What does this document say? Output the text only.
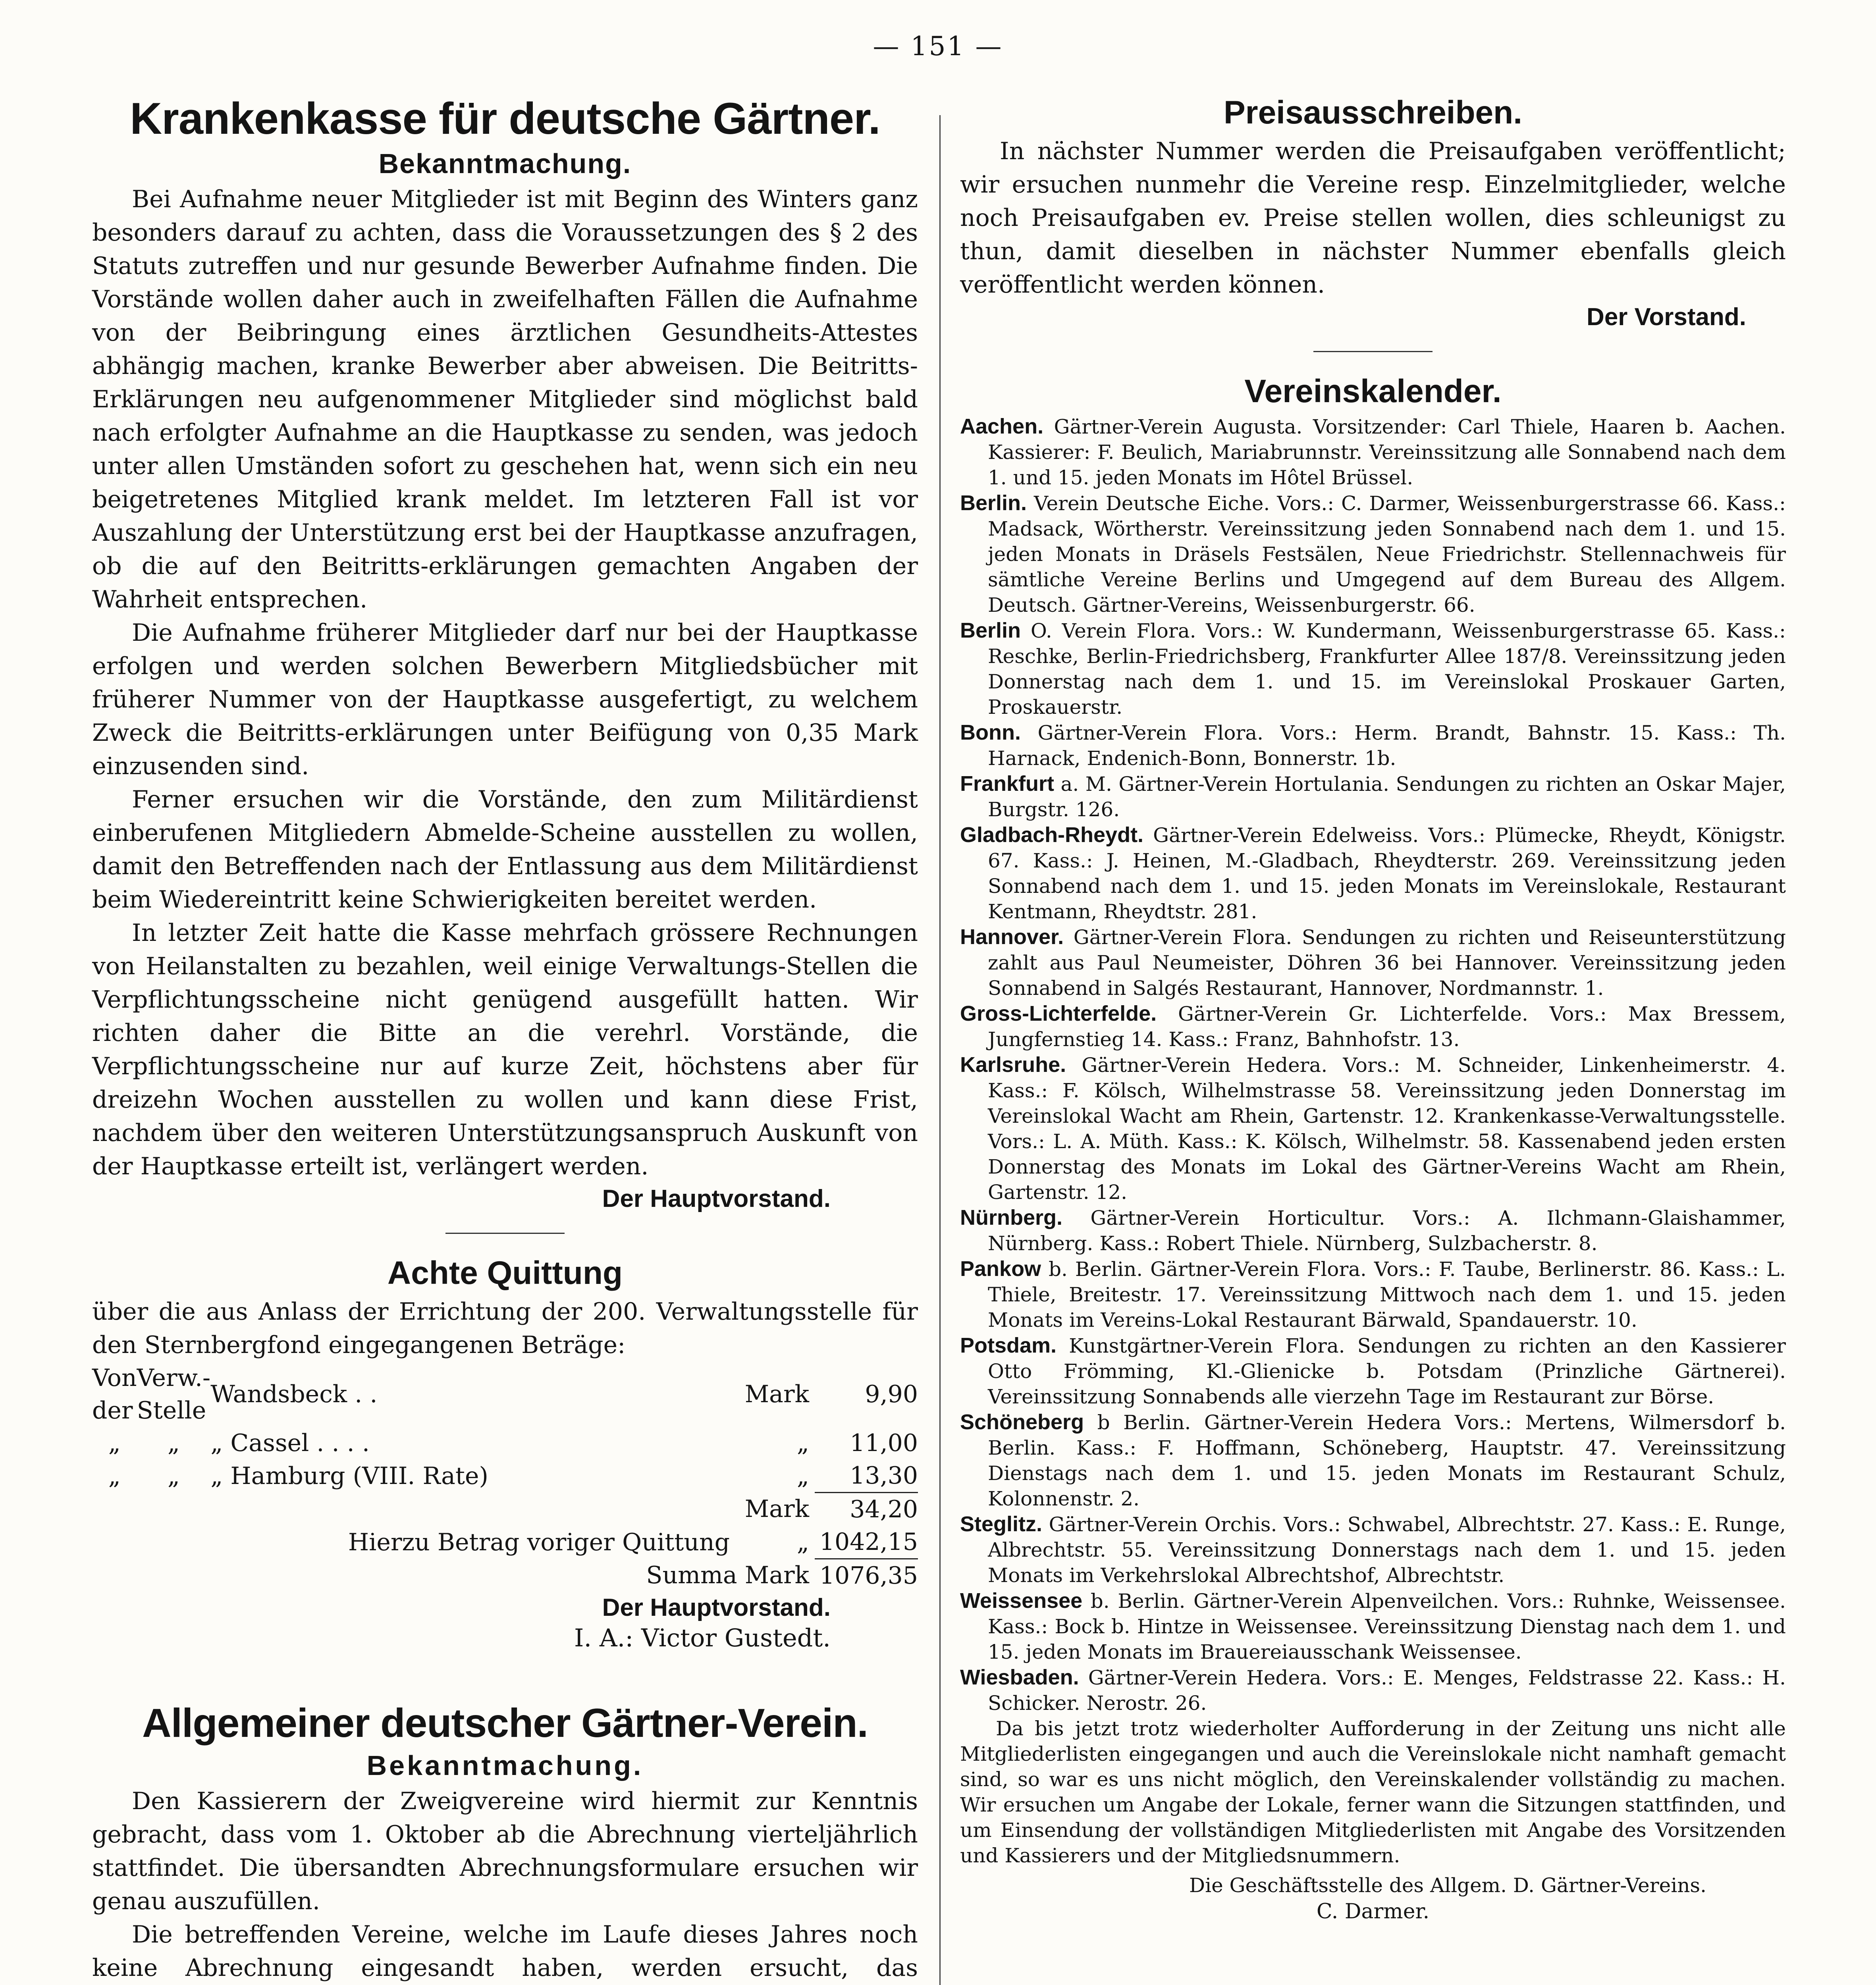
— 151 —
Krankenkasse für deutsche Gärtner.
Bekanntmachung.

Bei Aufnahme neuer Mitglieder ist mit Beginn des Winters ganz besonders darauf zu achten, dass die Voraussetzungen des § 2 des Statuts zutreffen und nur gesunde Bewerber Aufnahme finden. Die Vorstände wollen daher auch in zweifelhaften Fällen die Aufnahme von der Beibringung eines ärztlichen Gesundheits-Attestes abhängig machen, kranke Bewerber aber abweisen. Die Beitritts-Erklärungen neu aufgenommener Mitglieder sind möglichst bald nach erfolgter Aufnahme an die Hauptkasse zu senden, was jedoch unter allen Umständen sofort zu geschehen hat, wenn sich ein neu beigetretenes Mitglied krank meldet. Im letzteren Fall ist vor Auszahlung der Unterstützung erst bei der Hauptkasse anzufragen, ob die auf den Beitritts-erklärungen gemachten Angaben der Wahrheit entsprechen.

Die Aufnahme früherer Mitglieder darf nur bei der Hauptkasse erfolgen und werden solchen Bewerbern Mitgliedsbücher mit früherer Nummer von der Hauptkasse ausgefertigt, zu welchem Zweck die Beitritts-erklärungen unter Beifügung von 0,35 Mark einzusenden sind.

Ferner ersuchen wir die Vorstände, den zum Militärdienst einberufenen Mitgliedern Abmelde-Scheine ausstellen zu wollen, damit den Betreffenden nach der Entlassung aus dem Militärdienst beim Wiedereintritt keine Schwierigkeiten bereitet werden.

In letzter Zeit hatte die Kasse mehrfach grössere Rechnungen von Heilanstalten zu bezahlen, weil einige Verwaltungs-Stellen die Verpflichtungsscheine nicht genügend ausgefüllt hatten. Wir richten daher die Bitte an die verehrl. Vorstände, die Verpflichtungsscheine nur auf kurze Zeit, höchstens aber für dreizehn Wochen ausstellen zu wollen und kann diese Frist, nachdem über den weiteren Unterstützungsanspruch Auskunft von der Hauptkasse erteilt ist, verlängert werden.

Der Hauptvorstand.
Achte Quittung

über die aus Anlass der Errichtung der 200. Verwaltungsstelle für den Sternbergfond eingegangenen Beträge:

Von der	Verw.-Stelle	Wandsbeck . .	Mark	9,90
„	„	„ Cassel . . . .	„	11,00
„	„	„ Hamburg (VIII. Rate)	„	13,30
			Mark	34,20
Hierzu Betrag voriger Quittung			„	1042,15
Summa Mark				1076,35
Der Hauptvorstand.
I. A.: Victor Gustedt.
Allgemeiner deutscher Gärtner-Verein.
Bekanntmachung.

Den Kassierern der Zweigvereine wird hiermit zur Kenntnis gebracht, dass vom 1. Oktober ab die Abrechnung vierteljährlich stattfindet. Die übersandten Abrechnungsformulare ersuchen wir genau auszufüllen.

Die betreffenden Vereine, welche im Laufe dieses Jahres noch keine Abrechnung eingesandt haben, werden ersucht, das

Preisausschreiben.

In nächster Nummer werden die Preisaufgaben veröffentlicht; wir ersuchen nunmehr die Vereine resp. Einzelmitglieder, welche noch Preisaufgaben ev. Preise stellen wollen, dies schleunigst zu thun, damit dieselben in nächster Nummer ebenfalls gleich veröffentlicht werden können.

Der Vorstand.
Vereinskalender.

Aachen. Gärtner-Verein Augusta. Vorsitzender: Carl Thiele, Haaren b. Aachen. Kassierer: F. Beulich, Mariabrunnstr. Vereinssitzung alle Sonnabend nach dem 1. und 15. jeden Monats im Hôtel Brüssel.

Berlin. Verein Deutsche Eiche. Vors.: C. Darmer, Weissenburgerstrasse 66. Kass.: Madsack, Wörtherstr. Vereinssitzung jeden Sonnabend nach dem 1. und 15. jeden Monats in Dräsels Festsälen, Neue Friedrichstr. Stellennachweis für sämtliche Vereine Berlins und Umgegend auf dem Bureau des Allgem. Deutsch. Gärtner-Vereins, Weissenburgerstr. 66.

Berlin O. Verein Flora. Vors.: W. Kundermann, Weissenburgerstrasse 65. Kass.: Reschke, Berlin-Friedrichsberg, Frankfurter Allee 187/8. Vereinssitzung jeden Donnerstag nach dem 1. und 15. im Vereinslokal Proskauer Garten, Proskauerstr.

Bonn. Gärtner-Verein Flora. Vors.: Herm. Brandt, Bahnstr. 15. Kass.: Th. Harnack, Endenich-Bonn, Bonnerstr. 1b.

Frankfurt a. M. Gärtner-Verein Hortulania. Sendungen zu richten an Oskar Majer, Burgstr. 126.

Gladbach-Rheydt. Gärtner-Verein Edelweiss. Vors.: Plümecke, Rheydt, Königstr. 67. Kass.: J. Heinen, M.-Gladbach, Rheydterstr. 269. Vereinssitzung jeden Sonnabend nach dem 1. und 15. jeden Monats im Vereinslokale, Restaurant Kentmann, Rheydtstr. 281.

Hannover. Gärtner-Verein Flora. Sendungen zu richten und Reiseunterstützung zahlt aus Paul Neumeister, Döhren 36 bei Hannover. Vereinssitzung jeden Sonnabend in Salgés Restaurant, Hannover, Nordmannstr. 1.

Gross-Lichterfelde. Gärtner-Verein Gr. Lichterfelde. Vors.: Max Bressem, Jungfernstieg 14. Kass.: Franz, Bahnhofstr. 13.

Karlsruhe. Gärtner-Verein Hedera. Vors.: M. Schneider, Linkenheimerstr. 4. Kass.: F. Kölsch, Wilhelmstrasse 58. Vereinssitzung jeden Donnerstag im Vereinslokal Wacht am Rhein, Gartenstr. 12. Krankenkasse-Verwaltungsstelle. Vors.: L. A. Müth. Kass.: K. Kölsch, Wilhelmstr. 58. Kassenabend jeden ersten Donnerstag des Monats im Lokal des Gärtner-Vereins Wacht am Rhein, Gartenstr. 12.

Nürnberg. Gärtner-Verein Horticultur. Vors.: A. Ilchmann-Glaishammer, Nürnberg. Kass.: Robert Thiele. Nürnberg, Sulzbacherstr. 8.

Pankow b. Berlin. Gärtner-Verein Flora. Vors.: F. Taube, Berlinerstr. 86. Kass.: L. Thiele, Breitestr. 17. Vereinssitzung Mittwoch nach dem 1. und 15. jeden Monats im Vereins-Lokal Restaurant Bärwald, Spandauerstr. 10.

Potsdam. Kunstgärtner-Verein Flora. Sendungen zu richten an den Kassierer Otto Frömming, Kl.-Glienicke b. Potsdam (Prinzliche Gärtnerei). Vereinssitzung Sonnabends alle vierzehn Tage im Restaurant zur Börse.

Schöneberg b Berlin. Gärtner-Verein Hedera Vors.: Mertens, Wilmersdorf b. Berlin. Kass.: F. Hoffmann, Schöneberg, Hauptstr. 47. Vereinssitzung Dienstags nach dem 1. und 15. jeden Monats im Restaurant Schulz, Kolonnenstr. 2.

Steglitz. Gärtner-Verein Orchis. Vors.: Schwabel, Albrechtstr. 27. Kass.: E. Runge, Albrechtstr. 55. Vereinssitzung Donnerstags nach dem 1. und 15. jeden Monats im Verkehrslokal Albrechtshof, Albrechtstr.

Weissensee b. Berlin. Gärtner-Verein Alpenveilchen. Vors.: Ruhnke, Weissensee. Kass.: Bock b. Hintze in Weissensee. Vereinssitzung Dienstag nach dem 1. und 15. jeden Monats im Brauereiausschank Weissensee.

Wiesbaden. Gärtner-Verein Hedera. Vors.: E. Menges, Feldstrasse 22. Kass.: H. Schicker. Nerostr. 26.

Da bis jetzt trotz wiederholter Aufforderung in der Zeitung uns nicht alle Mitgliederlisten eingegangen und auch die Vereinslokale nicht namhaft gemacht sind, so war es uns nicht möglich, den Vereinskalender vollständig zu machen. Wir ersuchen um Angabe der Lokale, ferner wann die Sitzungen stattfinden, und um Einsendung der vollständigen Mitgliederlisten mit Angabe des Vorsitzenden und Kassierers und der Mitgliedsnummern.

Die Geschäftsstelle des Allgem. D. Gärtner-Vereins.
C. Darmer.
